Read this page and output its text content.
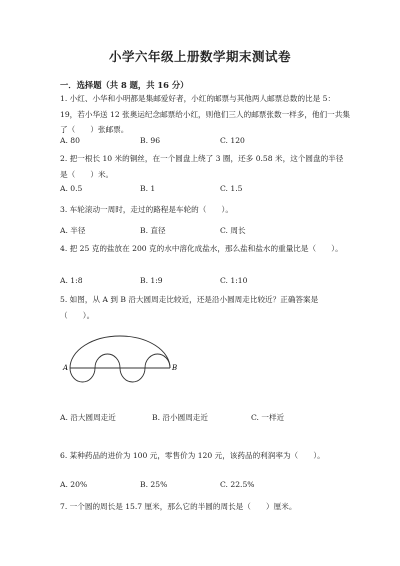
小学六年级上册数学期末测试卷
一．选择题（共 8 题，共 16 分）
1. 小红、小华和小明都是集邮爱好者，小红的邮票与其他两人邮票总数的比是 5：19，若小华送 12 张奥运纪念邮票给小红，则他们三人的邮票张数一样多，他们一共集了（　　）张邮票。
A. 80	B. 96	C. 120
2. 把一根长 10 米的铜丝，在一个圆盘上绕了 3 圈，还多 0.58 米，这个圆盘的半径是（　　）米。
A. 0.5	B. 1	C. 1.5
3. 车轮滚动一周时，走过的路程是车轮的（　　）。
A. 半径	B. 直径	C. 周长
4. 把 25 克的盐放在 200 克的水中溶化成盐水，那么盐和盐水的重量比是（　　）。
A. 1:8	B. 1:9	C. 1:10
5. 如图，从 A 到 B 沿大圆周走比较近，还是沿小圆周走比较近？正确答案是（　　）。
A	B
A. 沿大圆周走近	B. 沿小圆周走近	C. 一样近
6. 某种药品的进价为 100 元，零售价为 120 元，该药品的利润率为（　　）。
A. 20%	B. 25%	C. 22.5%
7. 一个圆的周长是 15.7 厘米，那么它的半圆的周长是（　　）厘米。
